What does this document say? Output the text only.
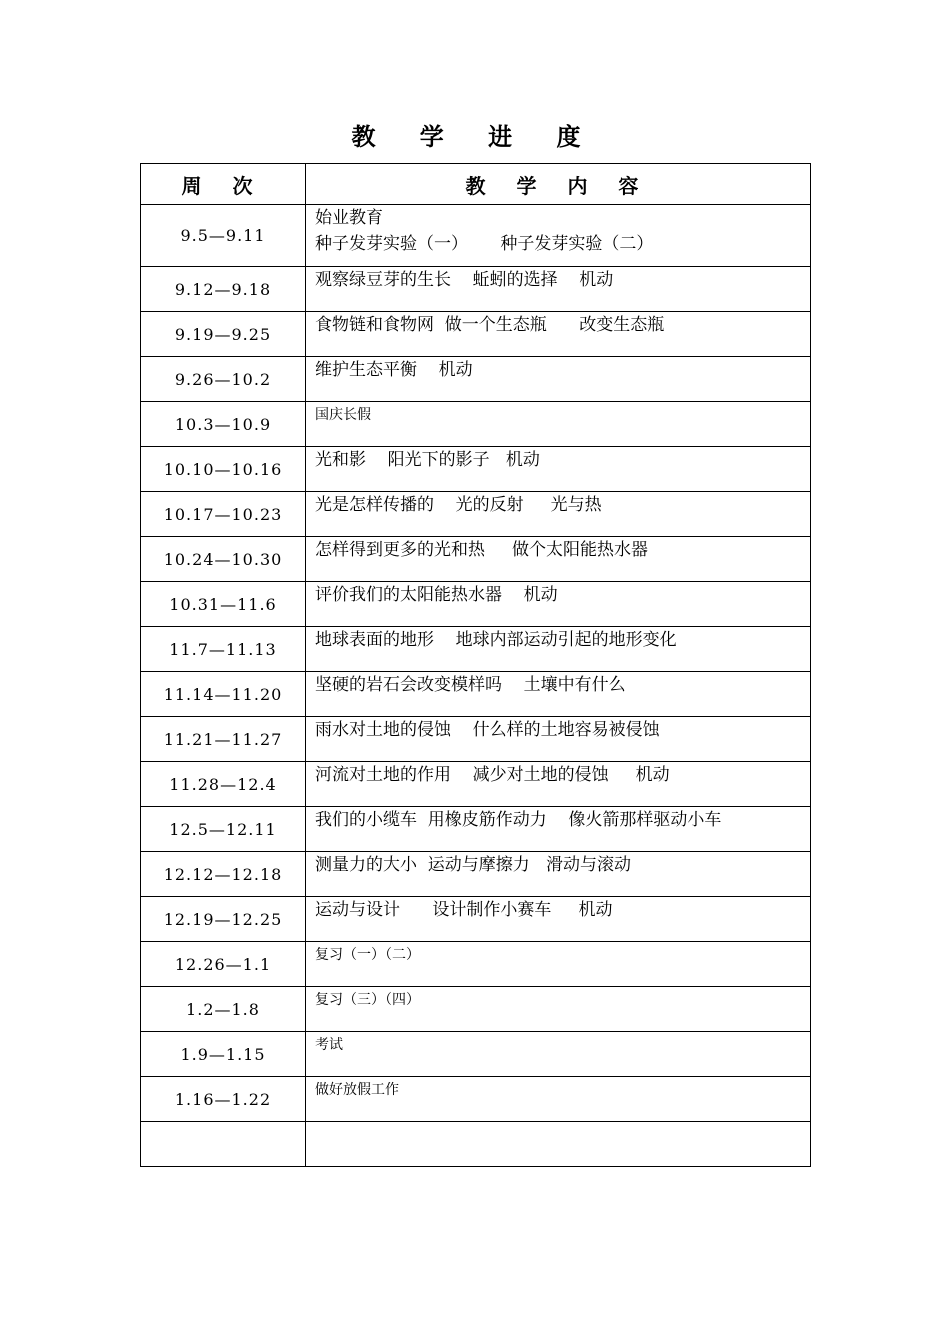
教 学 进 度
周 次	教 学 内 容
9.5—9.11	始业教育
种子发芽实验（一）      种子发芽实验（二）
9.12—9.18	观察绿豆芽的生长    蚯蚓的选择    机动
9.19—9.25	食物链和食物网  做一个生态瓶      改变生态瓶
9.26—10.2	维护生态平衡    机动
10.3—10.9	国庆长假
10.10—10.16	光和影    阳光下的影子   机动
10.17—10.23	光是怎样传播的    光的反射     光与热
10.24—10.30	怎样得到更多的光和热     做个太阳能热水器
10.31—11.6	评价我们的太阳能热水器    机动
11.7—11.13	地球表面的地形    地球内部运动引起的地形变化
11.14—11.20	坚硬的岩石会改变模样吗    土壤中有什么
11.21—11.27	雨水对土地的侵蚀    什么样的土地容易被侵蚀
11.28—12.4	河流对土地的作用    减少对土地的侵蚀     机动
12.5—12.11	我们的小缆车  用橡皮筋作动力    像火箭那样驱动小车
12.12—12.18	测量力的大小  运动与摩擦力   滑动与滚动
12.19—12.25	运动与设计      设计制作小赛车     机动
12.26—1.1	复习（一）（二）
1.2—1.8	复习（三）（四）
1.9—1.15	考试
1.16—1.22	做好放假工作
